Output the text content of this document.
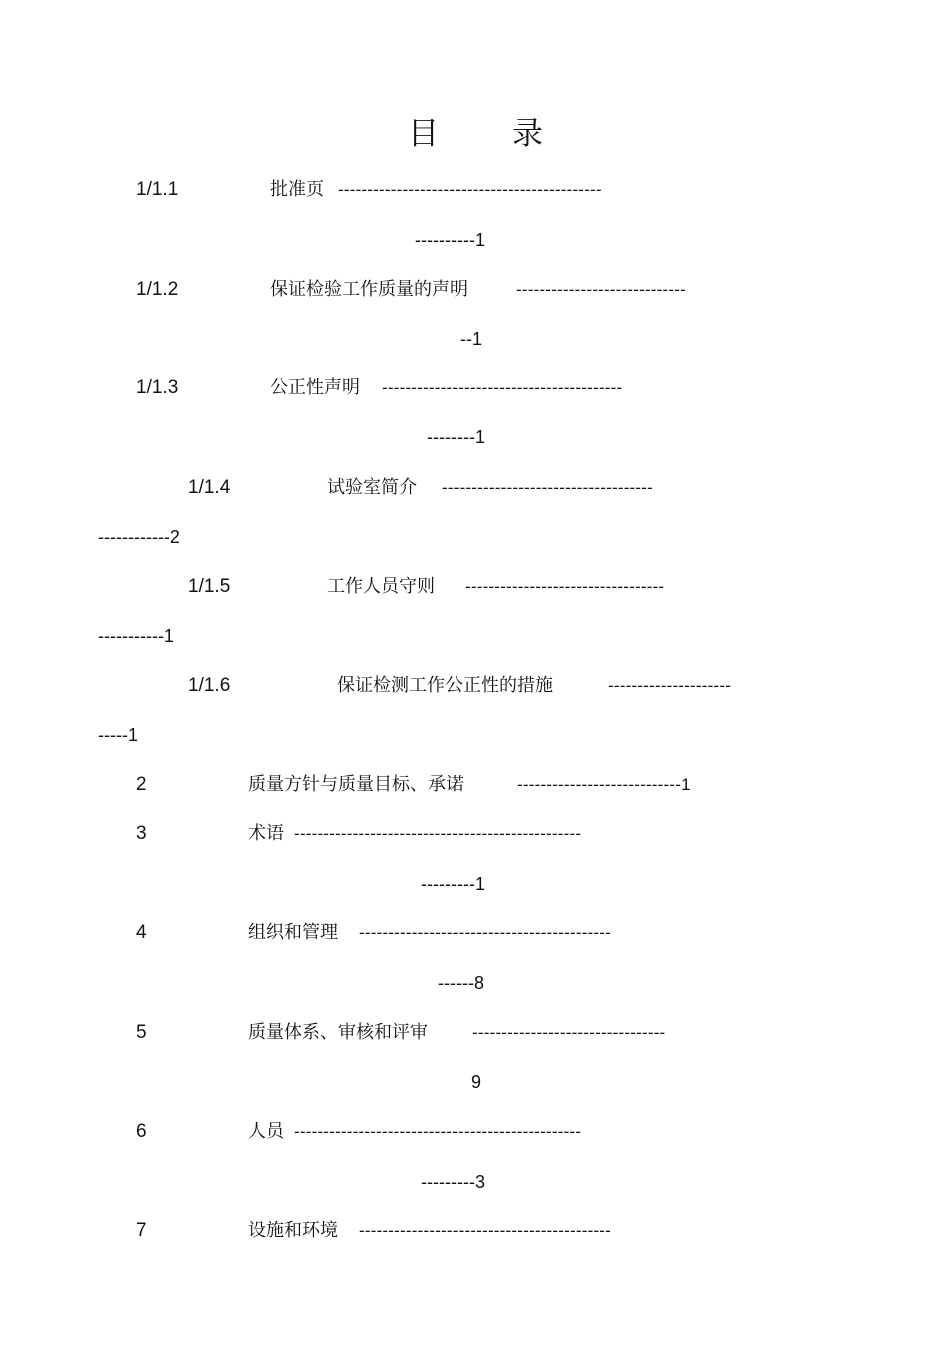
目 录
1/1.1	批准页 ---------------------------------------------
----------1
1/1.2	保证检验工作质量的声明	-----------------------------
--1
1/1.3	公正性声明 -----------------------------------------
--------1
1/1.4	试验室简介 ------------------------------------
------------2
1/1.5	工作人员守则 ----------------------------------
-----------1
1/1.6	保证检测工作公正性的措施	---------------------
-----1
2	质量方针与质量目标、承诺	----------------------------1
3	术语 -------------------------------------------------
---------1
4	组织和管理 -------------------------------------------
------8
5	质量体系、审核和评审	---------------------------------
9
6	人员 -------------------------------------------------
---------3
7	设施和环境 -------------------------------------------
